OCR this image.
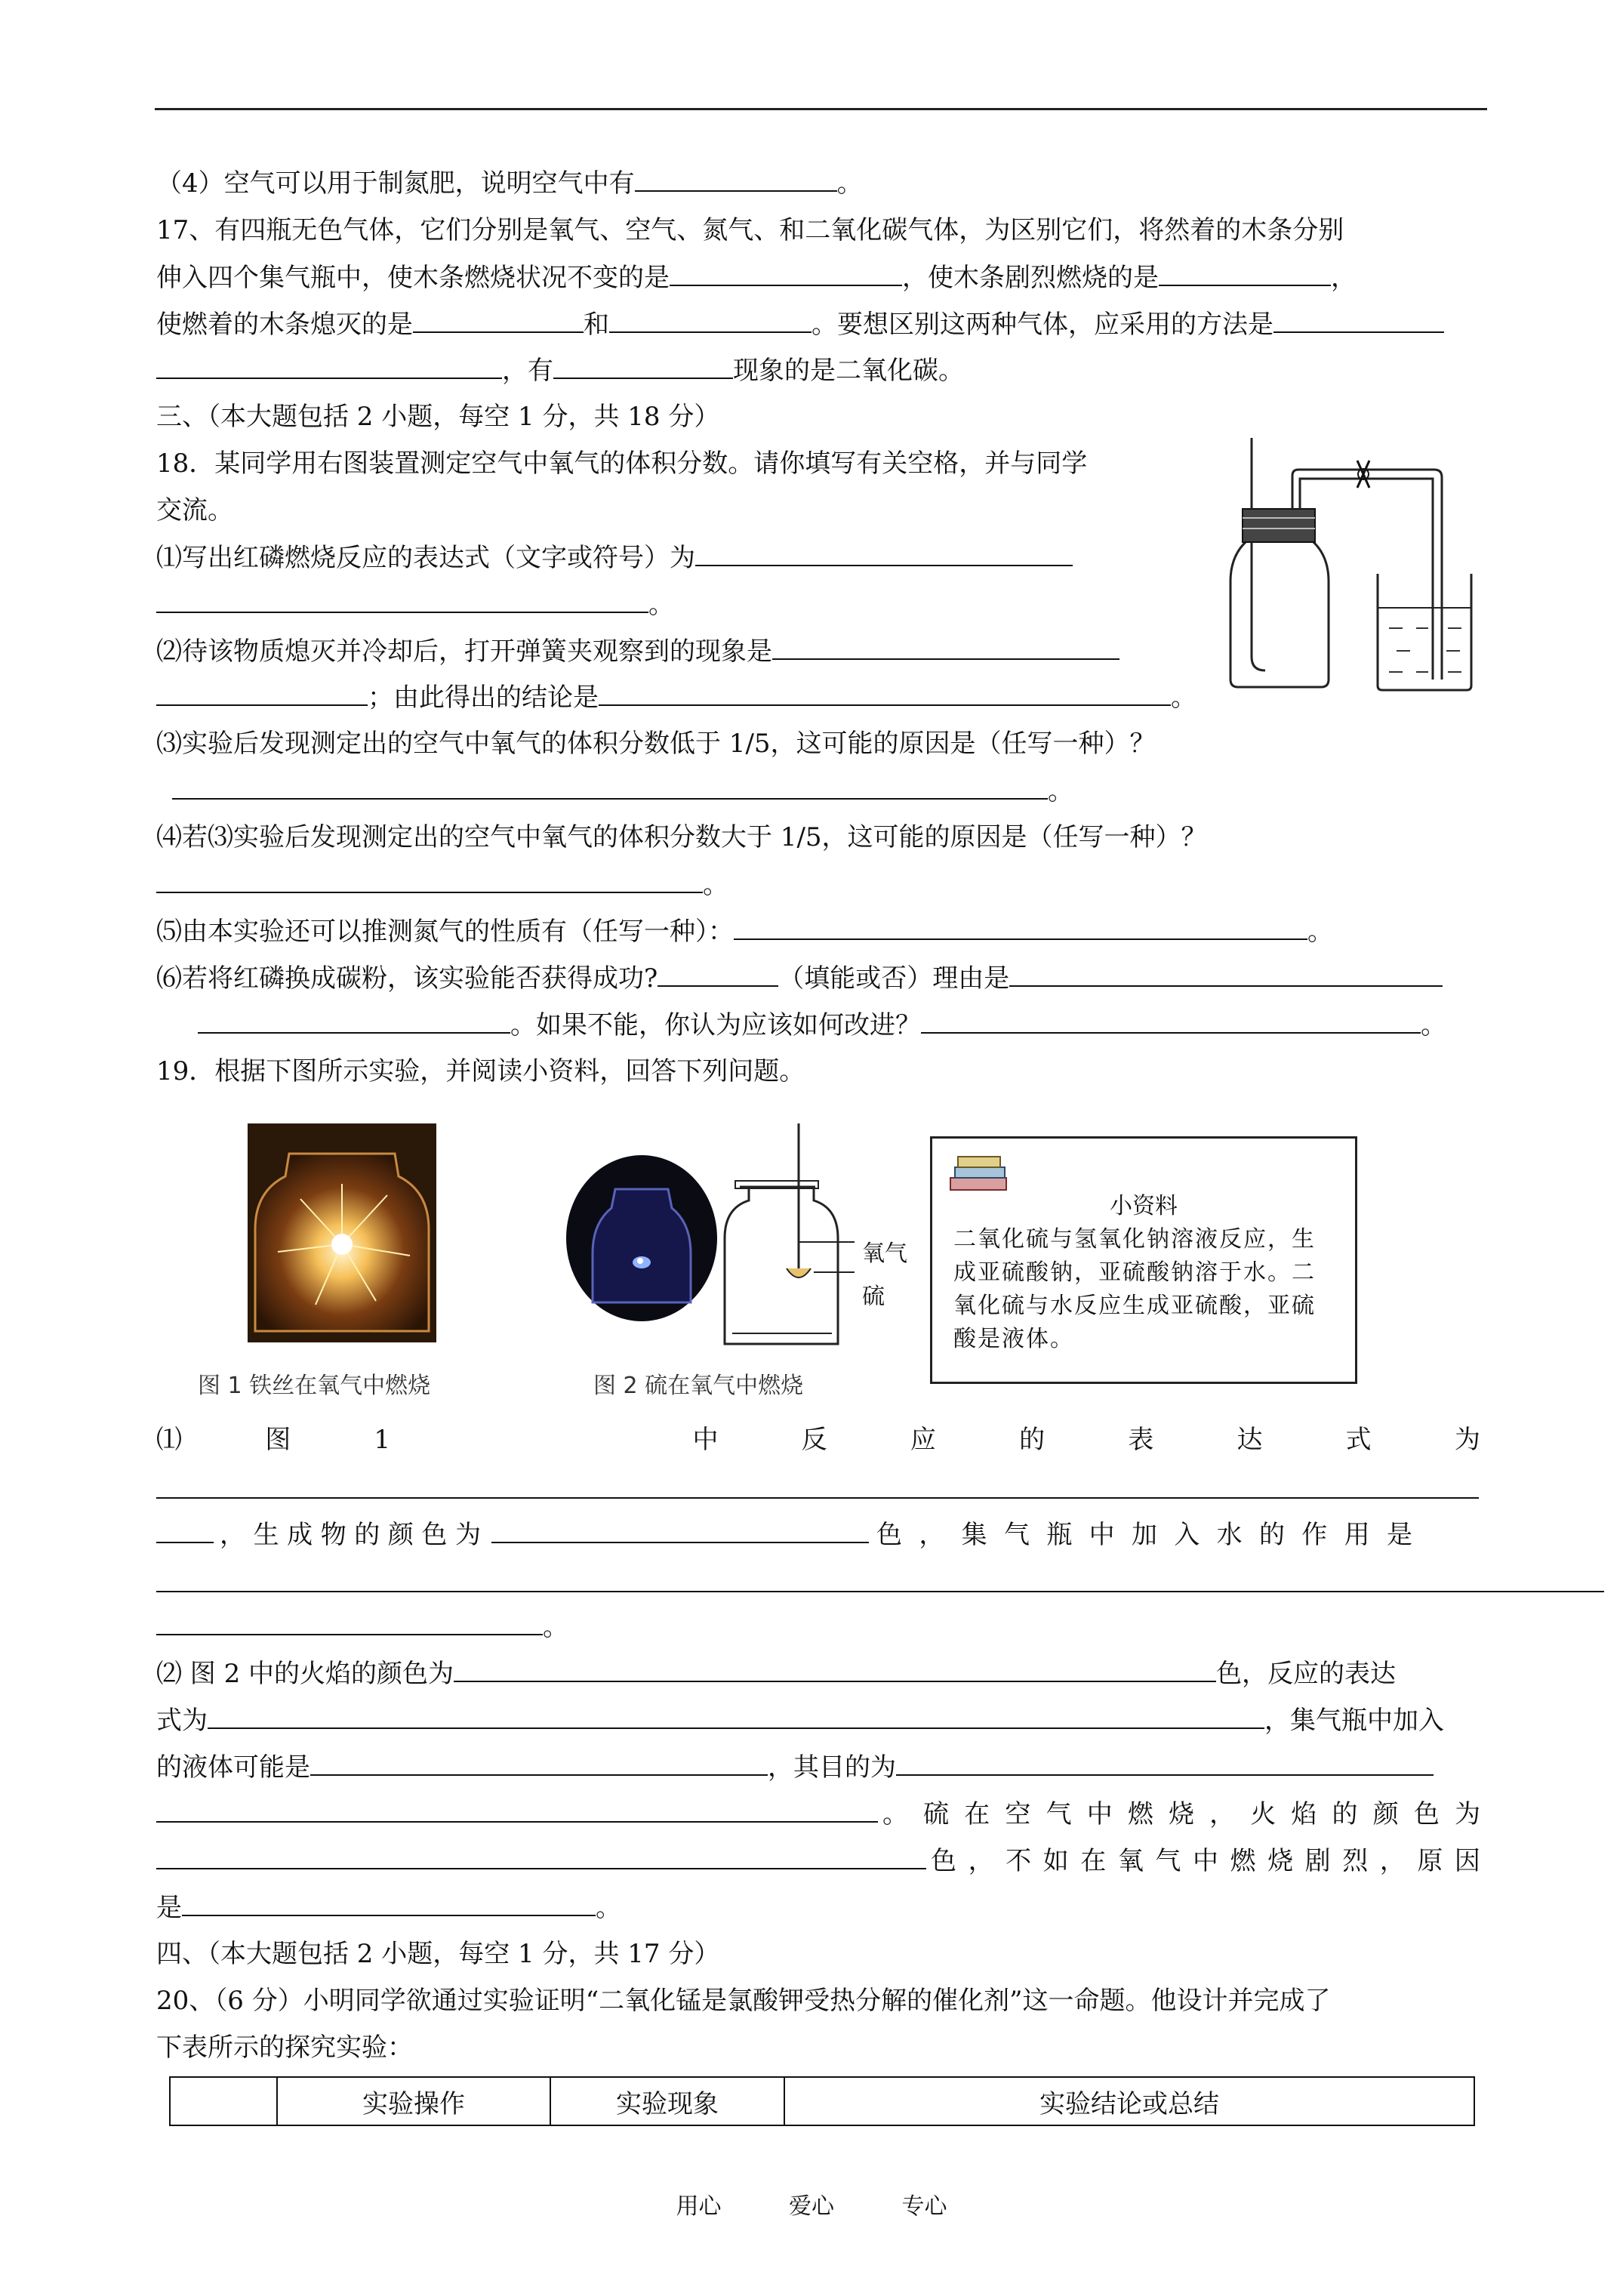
（4）空气可以用于制氮肥，说明空气中有	。
17、有四瓶无色气体，它们分别是氧气、空气、氮气、和二氧化碳气体，为区别它们，将然着的木条分别
伸入四个集气瓶中，使木条燃烧状况不变的是	，使木条剧烈燃烧的是	，
使燃着的木条熄灭的是	和	。要想区别这两种气体，应采用的方法是
，有	现象的是二氧化碳。
三、（本大题包括 2 小题，每空 1 分，共 18 分）
18．某同学用右图装置测定空气中氧气的体积分数。请你填写有关空格，并与同学
交流。
⑴写出红磷燃烧反应的表达式（文字或符号）为
。
⑵待该物质熄灭并冷却后，打开弹簧夹观察到的现象是
；由此得出的结论是	。
⑶实验后发现测定出的空气中氧气的体积分数低于 1/5，这可能的原因是（任写一种）？
。
⑷若⑶实验后发现测定出的空气中氧气的体积分数大于 1/5，这可能的原因是（任写一种）？
。
⑸由本实验还可以推测氮气的性质有（任写一种）：	。
⑹若将红磷换成碳粉，该实验能否获得成功?	（填能或否）理由是
。如果不能，你认为应该如何改进？	。
19．根据下图所示实验，并阅读小资料，回答下列问题。
图 1 铁丝在氧气中燃烧
氧气
硫
图 2 硫在氧气中燃烧
小资料
二氧化硫与氢氧化钠溶液反应，生成亚硫酸钠，亚硫酸钠溶于水。二氧化硫与水反应生成亚硫酸，亚硫酸是液体。
⑴	图	1	中	反	应	的	表	达	式	为
， 生 成 物 的 颜 色 为	色 ， 集 气 瓶 中 加 入 水 的 作 用 是
。
⑵ 图 2 中的火焰的颜色为	色，反应的表达
式为	，集气瓶中加入
的液体可能是	，其目的为
。 硫 在 空 气 中 燃 烧 ， 火 焰 的 颜 色 为
色 ， 不 如 在 氧 气 中 燃 烧 剧 烈 ， 原 因
是	。
四、（本大题包括 2 小题，每空 1 分，共 17 分）
20、（6 分）小明同学欲通过实验证明“二氧化锰是氯酸钾受热分解的催化剂”这一命题。他设计并完成了
下表所示的探究实验：
	实验操作	实验现象	实验结论或总结
用心	爱心	专心
